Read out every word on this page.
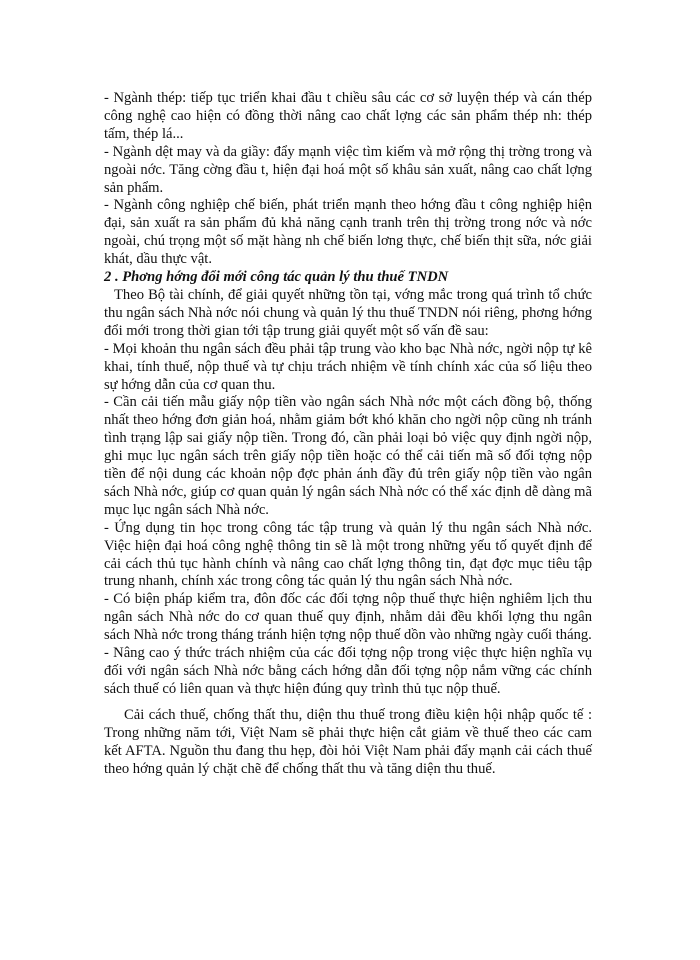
- Ngành thép: tiếp tục triển khai đầu t chiều sâu các cơ sở luyện thép và cán thép công nghệ cao hiện có đồng thời nâng cao chất lợng các sản phẩm thép nh: thép tấm, thép lá...

- Ngành dệt may và da giầy: đẩy mạnh việc tìm kiếm và mở rộng thị trờng trong và ngoài nớc. Tăng cờng đầu t, hiện đại hoá một số khâu sản xuất, nâng cao chất lợng sản phẩm.

- Ngành công nghiệp chế biến, phát triển mạnh theo hớng đầu t công nghiệp hiện đại, sản xuất ra sản phẩm đủ khả năng cạnh tranh trên thị trờng trong nớc và nớc ngoài, chú trọng một số mặt hàng nh chế biến lơng thực, chế biến thịt sữa, nớc giải khát, dầu thực vật.

2 . Phơng hớng đổi mới công tác quản lý thu thuế TNDN

Theo Bộ tài chính, để giải quyết những tồn tại, vớng mắc trong quá trình tổ chức thu ngân sách Nhà nớc nói chung và quản lý thu thuế TNDN nói riêng, phơng hớng đổi mới trong thời gian tới tập trung giải quyết một số vấn đề sau:

- Mọi khoản thu ngân sách đều phải tập trung vào kho bạc Nhà nớc, ngời nộp tự kê khai, tính thuế, nộp thuế và tự chịu trách nhiệm về tính chính xác của số liệu theo sự hớng dẫn của cơ quan thu.

- Cần cải tiến mẫu giấy nộp tiền vào ngân sách Nhà nớc một cách đồng bộ, thống nhất theo hớng đơn giản hoá, nhằm giảm bớt khó khăn cho ngời nộp cũng nh tránh tình trạng lập sai giấy nộp tiền. Trong đó, cần phải loại bỏ việc quy định ngời nộp, ghi mục lục ngân sách trên giấy nộp tiền hoặc có thể cải tiến mã số đối tợng nộp tiền để nội dung các khoản nộp đợc phản ánh đầy đủ trên giấy nộp tiền vào ngân sách Nhà nớc, giúp cơ quan quản lý ngân sách Nhà nớc có thể xác định dễ dàng mã mục lục ngân sách Nhà nớc.

- Ứng dụng tin học trong công tác tập trung và quản lý thu ngân sách Nhà nớc. Việc hiện đại hoá công nghệ thông tin sẽ là một trong những yếu tố quyết định để cải cách thủ tục hành chính và nâng cao chất lợng thông tin, đạt đợc mục tiêu tập trung nhanh, chính xác trong công tác quản lý thu ngân sách Nhà nớc.

- Có biện pháp kiểm tra, đôn đốc các đối tợng nộp thuế thực hiện nghiêm lịch thu ngân sách Nhà nớc do cơ quan thuế quy định, nhằm dải đều khối lợng thu ngân sách Nhà nớc trong tháng tránh hiện tợng nộp thuế dồn vào những ngày cuối tháng.

- Nâng cao ý thức trách nhiệm của các đối tợng nộp trong việc thực hiện nghĩa vụ đối với ngân sách Nhà nớc bằng cách hớng dẫn đối tợng nộp nắm vững các chính sách thuế có liên quan và thực hiện đúng quy trình thủ tục nộp thuế.

Cải cách thuế, chống thất thu, diện thu thuế trong điều kiện hội nhập quốc tế : Trong những năm tới, Việt Nam sẽ phải thực hiện cắt giảm về thuế theo các cam kết AFTA. Nguồn thu đang thu hẹp, đòi hỏi Việt Nam phải đẩy mạnh cải cách thuế theo hớng quản lý chặt chẽ để chống thất thu và tăng diện thu thuế.
